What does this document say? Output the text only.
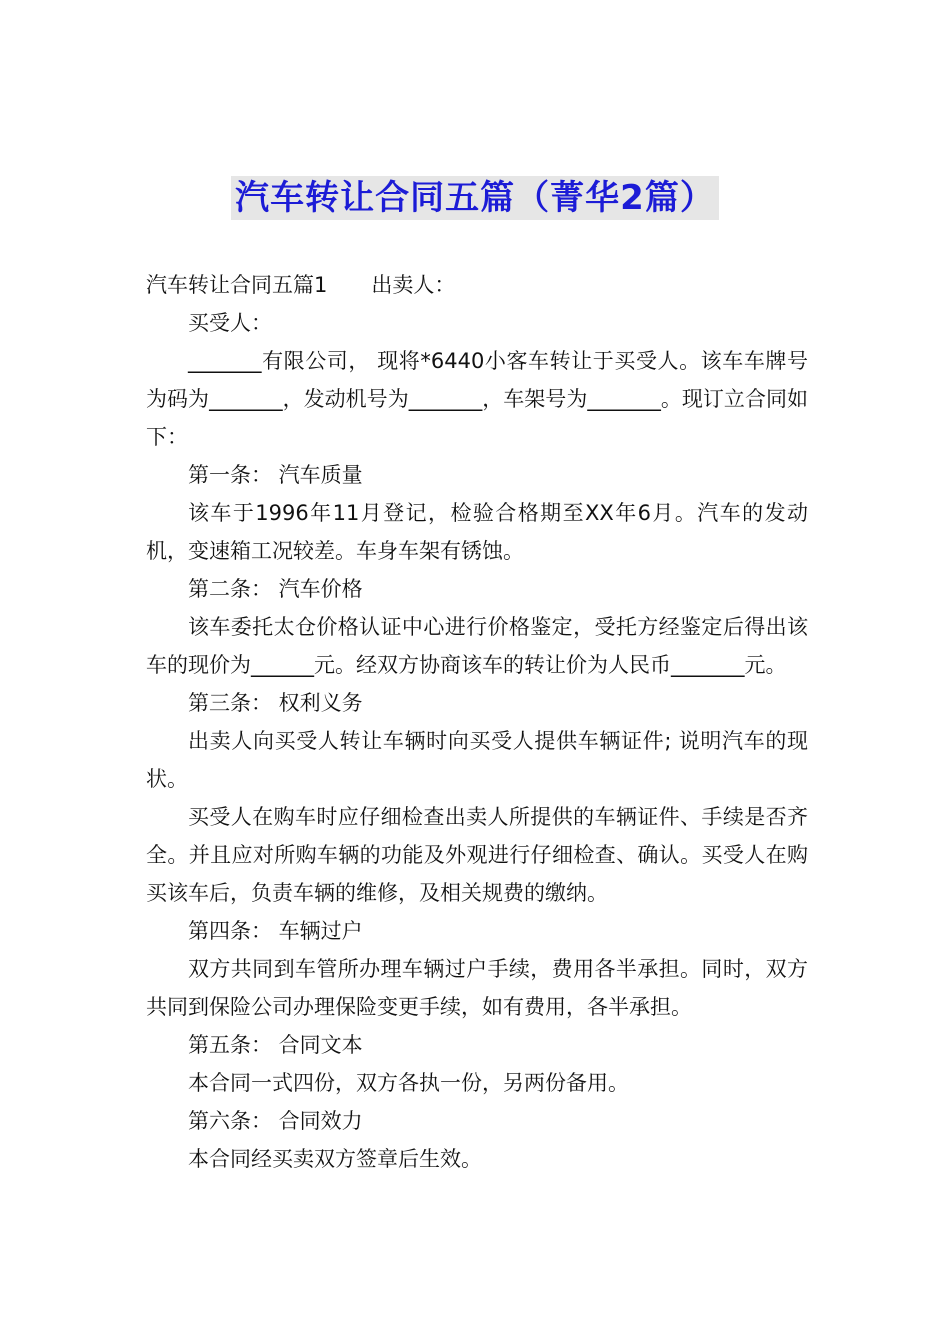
汽车转让合同五篇（菁华2篇）

汽车转让合同五篇1 出卖人：

买受人：

_______有限公司， 现将*6440小客车转让于买受人。该车车牌号为码为_______，发动机号为_______，车架号为_______。现订立合同如下：

第一条： 汽车质量

该车于1996年11月登记，检验合格期至XX年6月。汽车的发动机，变速箱工况较差。车身车架有锈蚀。

第二条： 汽车价格

该车委托太仓价格认证中心进行价格鉴定，受托方经鉴定后得出该车的现价为______元。经双方协商该车的转让价为人民币_______元。

第三条： 权利义务

出卖人向买受人转让车辆时向买受人提供车辆证件; 说明汽车的现状。

买受人在购车时应仔细检查出卖人所提供的车辆证件、手续是否齐全。并且应对所购车辆的功能及外观进行仔细检查、确认。买受人在购买该车后，负责车辆的维修，及相关规费的缴纳。

第四条： 车辆过户

双方共同到车管所办理车辆过户手续，费用各半承担。同时，双方共同到保险公司办理保险变更手续，如有费用，各半承担。

第五条： 合同文本

本合同一式四份，双方各执一份，另两份备用。

第六条： 合同效力

本合同经买卖双方签章后生效。
